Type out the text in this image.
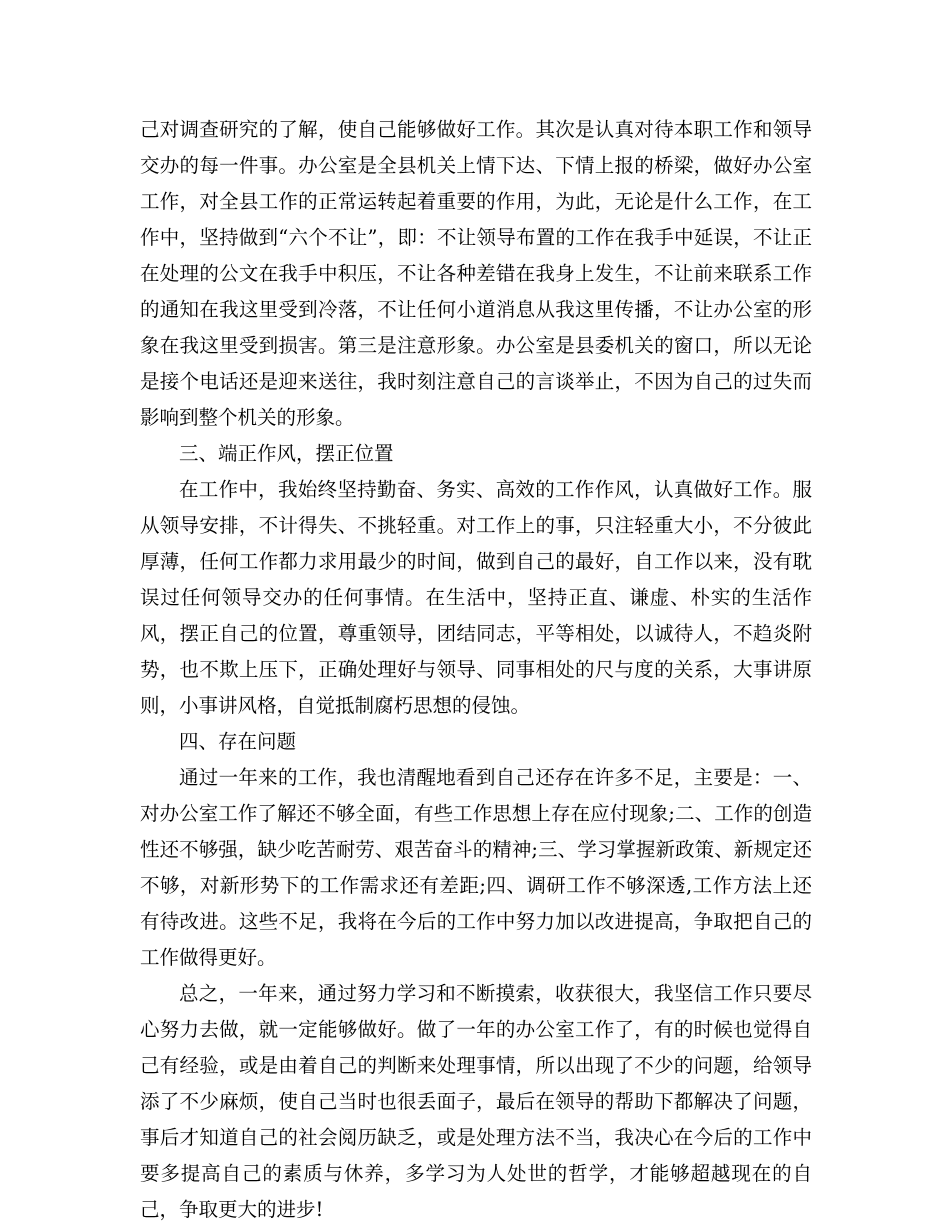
己对调查研究的了解，使自己能够做好工作。其次是认真对待本职工作和领导交办的每一件事。办公室是全县机关上情下达、下情上报的桥梁，做好办公室工作，对全县工作的正常运转起着重要的作用，为此，无论是什么工作，在工作中，坚持做到“六个不让”，即：不让领导布置的工作在我手中延误，不让正在处理的公文在我手中积压，不让各种差错在我身上发生，不让前来联系工作的通知在我这里受到冷落，不让任何小道消息从我这里传播，不让办公室的形象在我这里受到损害。第三是注意形象。办公室是县委机关的窗口，所以无论是接个电话还是迎来送往，我时刻注意自己的言谈举止，不因为自己的过失而影响到整个机关的形象。

三、端正作风，摆正位置

在工作中，我始终坚持勤奋、务实、高效的工作作风，认真做好工作。服从领导安排，不计得失、不挑轻重。对工作上的事，只注轻重大小，不分彼此厚薄，任何工作都力求用最少的时间，做到自己的最好，自工作以来，没有耽误过任何领导交办的任何事情。在生活中，坚持正直、谦虚、朴实的生活作风，摆正自己的位置，尊重领导，团结同志，平等相处，以诚待人，不趋炎附势，也不欺上压下，正确处理好与领导、同事相处的尺与度的关系，大事讲原则，小事讲风格，自觉抵制腐朽思想的侵蚀。

四、存在问题

通过一年来的工作，我也清醒地看到自己还存在许多不足，主要是：一、对办公室工作了解还不够全面，有些工作思想上存在应付现象;二、工作的创造性还不够强，缺少吃苦耐劳、艰苦奋斗的精神;三、学习掌握新政策、新规定还不够，对新形势下的工作需求还有差距;四、调研工作不够深透,工作方法上还有待改进。这些不足，我将在今后的工作中努力加以改进提高，争取把自己的工作做得更好。

总之，一年来，通过努力学习和不断摸索，收获很大，我坚信工作只要尽心努力去做，就一定能够做好。做了一年的办公室工作了，有的时候也觉得自己有经验，或是由着自己的判断来处理事情，所以出现了不少的问题，给领导添了不少麻烦，使自己当时也很丢面子，最后在领导的帮助下都解决了问题，事后才知道自己的社会阅历缺乏，或是处理方法不当，我决心在今后的工作中要多提高自己的素质与休养，多学习为人处世的哲学，才能够超越现在的自己，争取更大的进步!
